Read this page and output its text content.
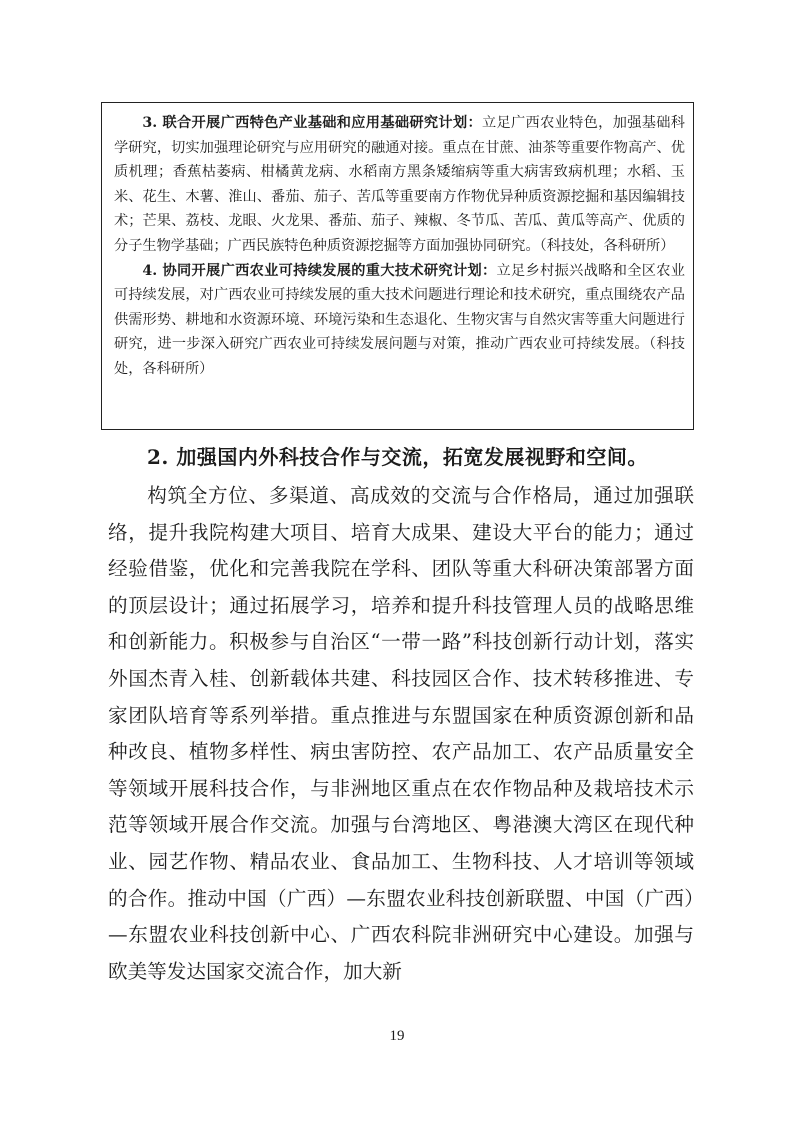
3. 联合开展广西特色产业基础和应用基础研究计划：立足广西农业特色，加强基础科学研究，切实加强理论研究与应用研究的融通对接。重点在甘蔗、油茶等重要作物高产、优质机理；香蕉枯萎病、柑橘黄龙病、水稻南方黑条矮缩病等重大病害致病机理；水稻、玉米、花生、木薯、淮山、番茄、茄子、苦瓜等重要南方作物优异种质资源挖掘和基因编辑技术；芒果、荔枝、龙眼、火龙果、番茄、茄子、辣椒、冬节瓜、苦瓜、黄瓜等高产、优质的分子生物学基础；广西民族特色种质资源挖掘等方面加强协同研究。（科技处，各科研所）

4. 协同开展广西农业可持续发展的重大技术研究计划：立足乡村振兴战略和全区农业可持续发展，对广西农业可持续发展的重大技术问题进行理论和技术研究，重点围绕农产品供需形势、耕地和水资源环境、环境污染和生态退化、生物灾害与自然灾害等重大问题进行研究，进一步深入研究广西农业可持续发展问题与对策，推动广西农业可持续发展。（科技处，各科研所）

2. 加强国内外科技合作与交流，拓宽发展视野和空间。

构筑全方位、多渠道、高成效的交流与合作格局，通过加强联络，提升我院构建大项目、培育大成果、建设大平台的能力；通过经验借鉴，优化和完善我院在学科、团队等重大科研决策部署方面的顶层设计；通过拓展学习，培养和提升科技管理人员的战略思维和创新能力。积极参与自治区“一带一路”科技创新行动计划，落实外国杰青入桂、创新载体共建、科技园区合作、技术转移推进、专家团队培育等系列举措。重点推进与东盟国家在种质资源创新和品种改良、植物多样性、病虫害防控、农产品加工、农产品质量安全等领域开展科技合作，与非洲地区重点在农作物品种及栽培技术示范等领域开展合作交流。加强与台湾地区、粤港澳大湾区在现代种业、园艺作物、精品农业、食品加工、生物科技、人才培训等领域的合作。推动中国（广西）—东盟农业科技创新联盟、中国（广西）—东盟农业科技创新中心、广西农科院非洲研究中心建设。加强与欧美等发达国家交流合作，加大新

19
